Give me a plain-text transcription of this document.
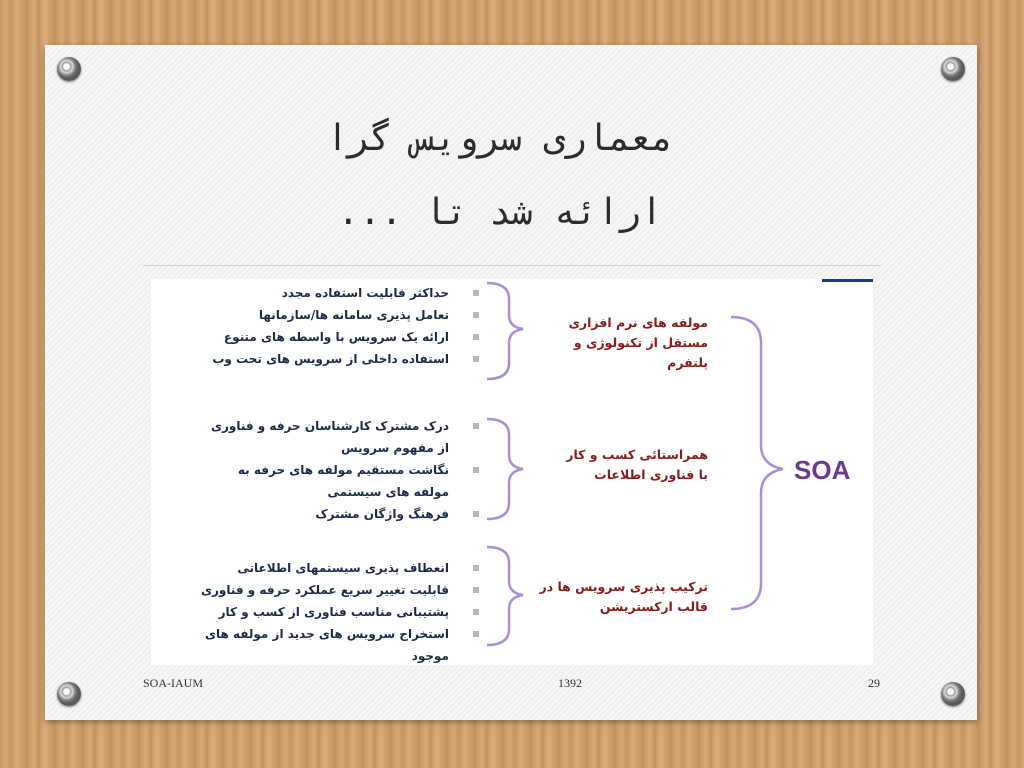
معماری سرویس گرا
ارائه شد تا ...
حداکثر قابلیت استفاده مجدد
تعامل پذیری سامانه ها/سازمانها
ارائه یک سرویس با واسطه های متنوع
استفاده داخلی از سرویس های تحت وب
درک مشترک کارشناسان حرفه و فناوری از مفهوم سرویس
نگاشت مستقیم مولفه های حرفه به مولفه های سیستمی
فرهنگ واژگان مشترک
انعطاف پذیری سیستمهای اطلاعاتی
قابلیت تغییر سریع عملکرد حرفه و فناوری
پشتیبانی مناسب فناوری از کسب و کار
استخراج سرویس های جدید از مولفه های موجود
مولفه های نرم افزاری مستقل از تکنولوژی و پلتفرم
همراستائی کسب و کار با فناوری اطلاعات
ترکیب پذیری سرویس ها در قالب ارکستریشن
SOA
SOA-IAUM	1392	29
